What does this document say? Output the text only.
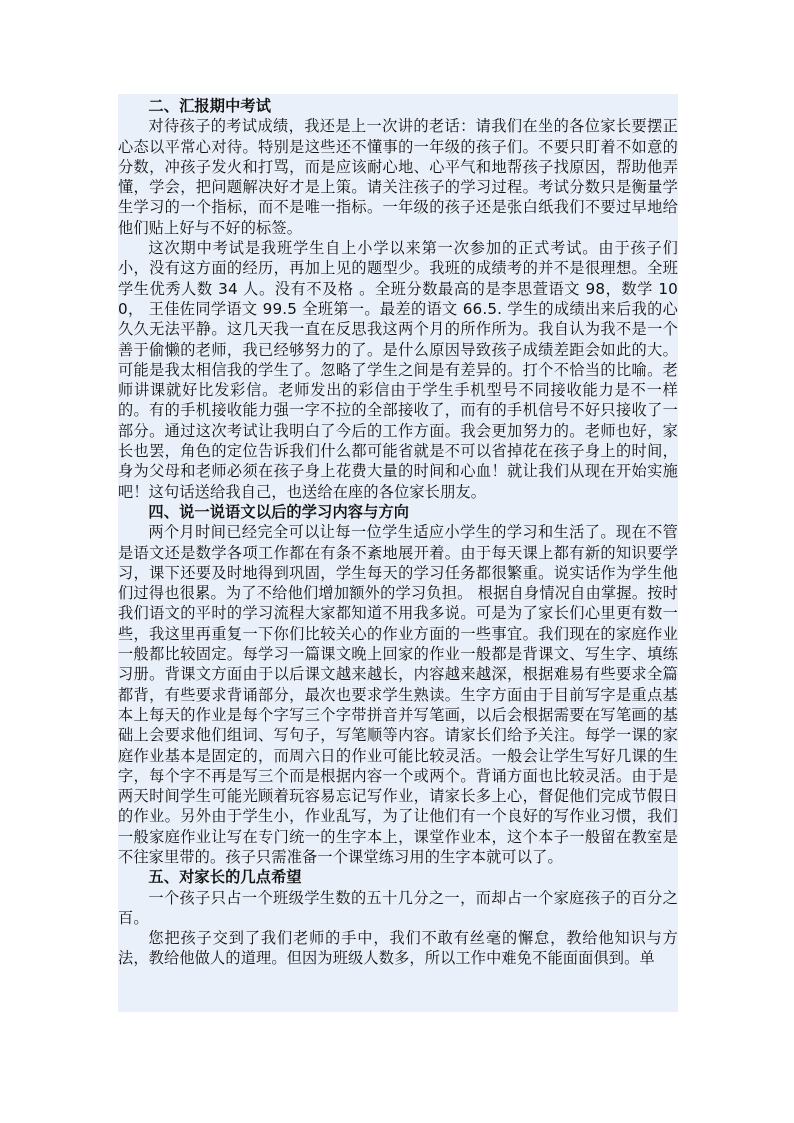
二、汇报期中考试

对待孩子的考试成绩，我还是上一次讲的老话：请我们在坐的各位家长要摆正心态以平常心对待。特别是这些还不懂事的一年级的孩子们。不要只盯着不如意的分数，冲孩子发火和打骂，而是应该耐心地、心平气和地帮孩子找原因，帮助他弄懂，学会，把问题解决好才是上策。请关注孩子的学习过程。考试分数只是衡量学生学习的一个指标，而不是唯一指标。一年级的孩子还是张白纸我们不要过早地给他们贴上好与不好的标签。

这次期中考试是我班学生自上小学以来第一次参加的正式考试。由于孩子们小，没有这方面的经历，再加上见的题型少。我班的成绩考的并不是很理想。全班学生优秀人数 34 人。没有不及格 。全班分数最高的是李思萱语文 98，数学 100， 王佳佐同学语文 99.5 全班第一。最差的语文 66.5. 学生的成绩出来后我的心久久无法平静。这几天我一直在反思我这两个月的所作所为。我自认为我不是一个善于偷懒的老师，我已经够努力的了。是什么原因导致孩子成绩差距会如此的大。可能是我太相信我的学生了。忽略了学生之间是有差异的。打个不恰当的比喻。老师讲课就好比发彩信。老师发出的彩信由于学生手机型号不同接收能力是不一样的。有的手机接收能力强一字不拉的全部接收了，而有的手机信号不好只接收了一部分。通过这次考试让我明白了今后的工作方面。我会更加努力的。老师也好，家长也罢，角色的定位告诉我们什么都可能省就是不可以省掉花在孩子身上的时间，身为父母和老师必须在孩子身上花费大量的时间和心血！就让我们从现在开始实施吧！这句话送给我自己，也送给在座的各位家长朋友。

四、说一说语文以后的学习内容与方向

两个月时间已经完全可以让每一位学生适应小学生的学习和生活了。现在不管是语文还是数学各项工作都在有条不紊地展开着。由于每天课上都有新的知识要学习，课下还要及时地得到巩固，学生每天的学习任务都很繁重。说实话作为学生他们过得也很累。为了不给他们增加额外的学习负担。 根据自身情况自由掌握。按时我们语文的平时的学习流程大家都知道不用我多说。可是为了家长们心里更有数一些，我这里再重复一下你们比较关心的作业方面的一些事宜。我们现在的家庭作业一般都比较固定。每学习一篇课文晚上回家的作业一般都是背课文、写生字、填练习册。背课文方面由于以后课文越来越长，内容越来越深，根据难易有些要求全篇都背，有些要求背诵部分，最次也要求学生熟读。生字方面由于目前写字是重点基本上每天的作业是每个字写三个字带拼音并写笔画，以后会根据需要在写笔画的基础上会要求他们组词、写句子，写笔顺等内容。请家长们给予关注。每学一课的家庭作业基本是固定的，而周六日的作业可能比较灵活。一般会让学生写好几课的生字，每个字不再是写三个而是根据内容一个或两个。背诵方面也比较灵活。由于是两天时间学生可能光顾着玩容易忘记写作业，请家长多上心，督促他们完成节假日的作业。另外由于学生小，作业乱写，为了让他们有一个良好的写作业习惯，我们一般家庭作业让写在专门统一的生字本上，课堂作业本，这个本子一般留在教室是不往家里带的。孩子只需准备一个课堂练习用的生字本就可以了。

五、对家长的几点希望

一个孩子只占一个班级学生数的五十几分之一，而却占一个家庭孩子的百分之百。

您把孩子交到了我们老师的手中，我们不敢有丝毫的懈怠，教给他知识与方法，教给他做人的道理。但因为班级人数多，所以工作中难免不能面面俱到。单
